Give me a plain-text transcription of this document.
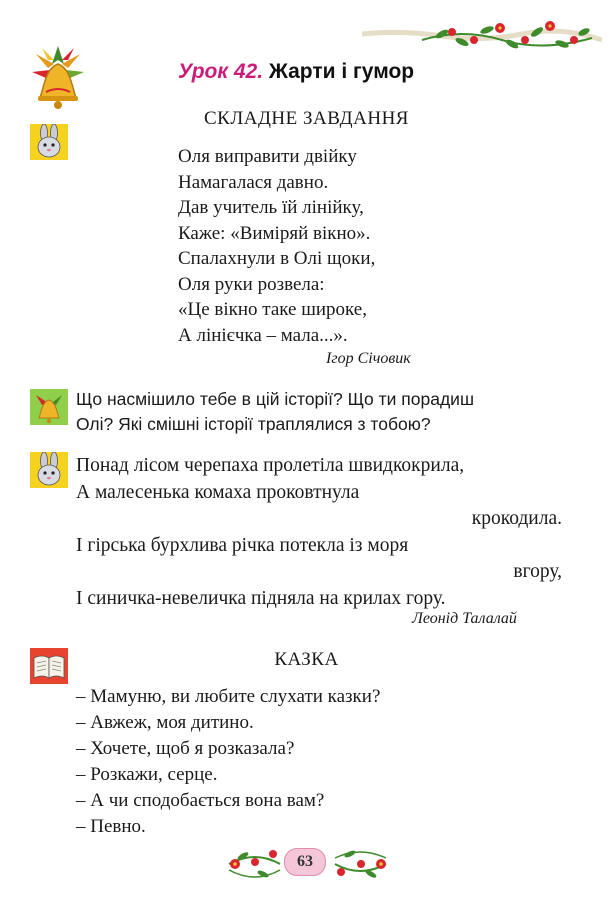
Урок 42. Жарти і гумор
СКЛАДНЕ ЗАВДАННЯ
Оля виправити двійку
Намагалася давно.
Дав учитель їй лінійку,
Каже: «Виміряй вікно».
Спалахнули в Олі щоки,
Оля руки розвела:
«Це вікно таке широке,
А лінієчка – мала...».
Ігор Січовик
Що насмішило тебе в цій історії? Що ти порадиш
Олі? Які смішні історії траплялися з тобою?
Понад лісом черепаха пролетіла швидкокрила,
А малесенька комаха проковтнула
крокодила.
І гірська бурхлива річка потекла із моря
вгору,
І синичка-невеличка підняла на крилах гору.
Леонід Талалай
КАЗКА
– Мамуню, ви любите слухати казки?
– Авжеж, моя дитино.
– Хочете, щоб я розказала?
– Розкажи, серце.
– А чи сподобається вона вам?
– Певно.
63
